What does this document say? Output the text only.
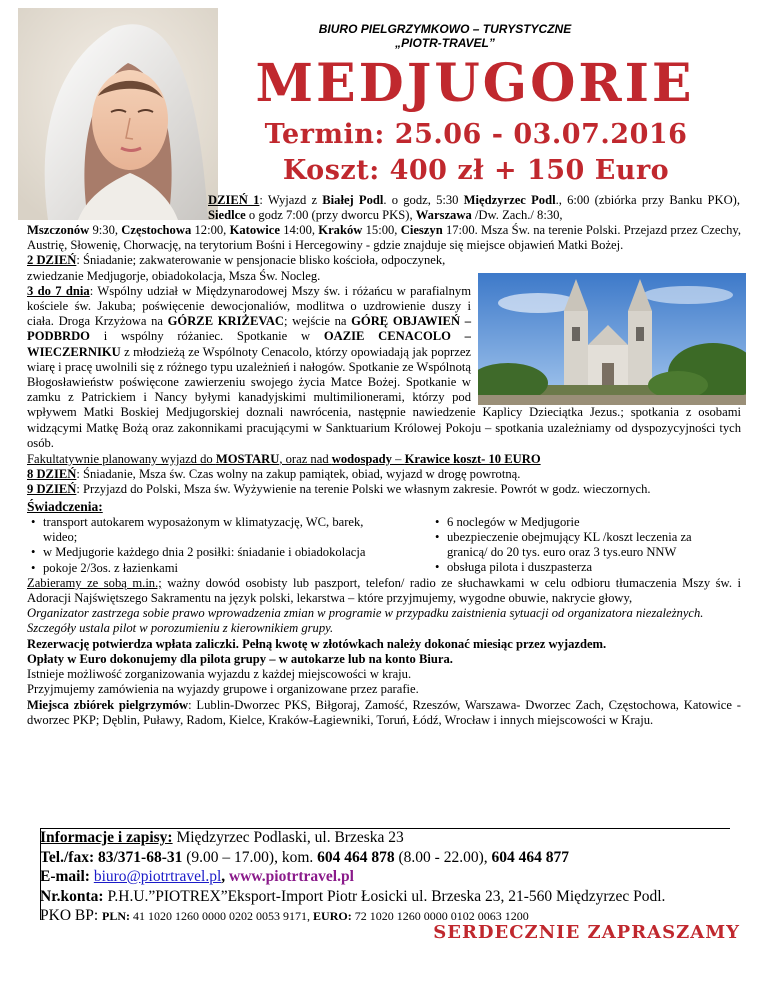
BIURO PIELGRZYMKOWO – TURYSTYCZNE
„PIOTR-TRAVEL”
MEDJUGORIE
Termin: 25.06 - 03.07.2016
Koszt: 400 zł + 150 Euro
DZIEŃ 1: Wyjazd z Białej Podl. o godz, 5:30 Międzyrzec Podl., 6:00 (zbiórka przy Banku PKO), Siedlce o godz 7:00 (przy dworcu PKS), Warszawa /Dw. Zach./ 8:30,
Mszczonów 9:30, Częstochowa 12:00, Katowice 14:00, Kraków 15:00, Cieszyn 17:00. Msza Św. na terenie Polski. Przejazd przez Czechy, Austrię, Słowenię, Chorwację, na terytorium Bośni i Hercegowiny - gdzie znajduje się miejsce objawień Matki Bożej.
2 DZIEŃ: Śniadanie; zakwaterowanie w pensjonacie blisko kościoła, odpoczynek, zwiedzanie Medjugorje, obiadokolacja, Msza Św. Nocleg.
3 do 7 dnia: Wspólny udział w Międzynarodowej Mszy św. i różańcu w parafialnym kościele św. Jakuba; poświęcenie dewocjonaliów, modlitwa o uzdrowienie duszy i ciała. Droga Krzyżowa na GÓRZE KRIŻEVAC; wejście na GÓRĘ OBJAWIEŃ – PODBRDO i wspólny różaniec. Spotkanie w OAZIE CENACOLO – WIECZERNIKU z młodzieżą ze Wspólnoty Cenacolo, którzy opowiadają jak poprzez wiarę i pracę uwolnili się z różnego typu uzależnień i nałogów. Spotkanie ze Wspólnotą Błogosławieństw poświęcone zawierzeniu swojego życia Matce Bożej. Spotkanie w zamku z Patrickiem i Nancy byłymi kanadyjskimi multimilionerami, którzy pod wpływem Matki Boskiej Medjugorskiej doznali nawrócenia, następnie nawiedzenie Kaplicy Dzieciątka Jezus.; spotkania z osobami widzącymi Matkę Bożą oraz zakonnikami pracującymi w Sanktuarium Królowej Pokoju – spotkania uzależniamy od dyspozycyjności tych osób.
Fakultatywnie planowany wyjazd do MOSTARU, oraz nad wodospady – Krawice koszt- 10 EURO
8 DZIEŃ: Śniadanie, Msza św. Czas wolny na zakup pamiątek, obiad, wyjazd w drogę powrotną.
9 DZIEŃ: Przyjazd do Polski, Msza św. Wyżywienie na terenie Polski we własnym zakresie. Powrót w godz. wieczornych.
Świadczenia:
• transport autokarem wyposażonym w klimatyzację, WC, barek, wideo;
• w Medjugorie każdego dnia 2 posiłki: śniadanie i obiadokolacja
• 6 noclegów w Medjugorie
• ubezpieczenie obejmujący KL /koszt leczenia za granicą/ do 20 tys. euro oraz 3 tys.euro NNW
• obsługa pilota i duszpasterza
• pokoje 2/3os. z łazienkami
Zabieramy ze sobą m.in.; ważny dowód osobisty lub paszport, telefon/ radio ze słuchawkami w celu odbioru tłumaczenia Mszy św. i Adoracji Najświętszego Sakramentu na język polski, lekarstwa – które przyjmujemy, wygodne obuwie, nakrycie głowy,
Organizator zastrzega sobie prawo wprowadzenia zmian w programie w przypadku zaistnienia sytuacji od organizatora niezależnych. Szczegóły ustala pilot w porozumieniu z kierownikiem grupy.
Rezerwację potwierdza wpłata zaliczki. Pełną kwotę w złotówkach należy dokonać miesiąc przez wyjazdem.
Opłaty w Euro dokonujemy dla pilota grupy – w autokarze lub na konto Biura.
Istnieje możliwość zorganizowania wyjazdu z każdej miejscowości w kraju.
Przyjmujemy zamówienia na wyjazdy grupowe i organizowane przez parafie.
Miejsca zbiórek pielgrzymów: Lublin-Dworzec PKS, Biłgoraj, Zamość, Rzeszów, Warszawa- Dworzec Zach, Częstochowa, Katowice - dworzec PKP; Dęblin, Puławy, Radom, Kielce, Kraków-Łagiewniki, Toruń, Łódź, Wrocław i innych miejscowości w Kraju.
Informacje i zapisy: Międzyrzec Podlaski, ul. Brzeska 23
Tel./fax: 83/371-68-31 (9.00 – 17.00), kom. 604 464 878 (8.00 - 22.00), 604 464 877
E-mail: biuro@piotrtravel.pl, www.piotrtravel.pl
Nr.konta: P.H.U.”PIOTREX”Eksport-Import Piotr Łosicki ul. Brzeska 23, 21-560 Międzyrzec Podl.
PKO BP: PLN: 41 1020 1260 0000 0202 0053 9171, EURO: 72 1020 1260 0000 0102 0063 1200
SERDECZNIE ZAPRASZAMY
